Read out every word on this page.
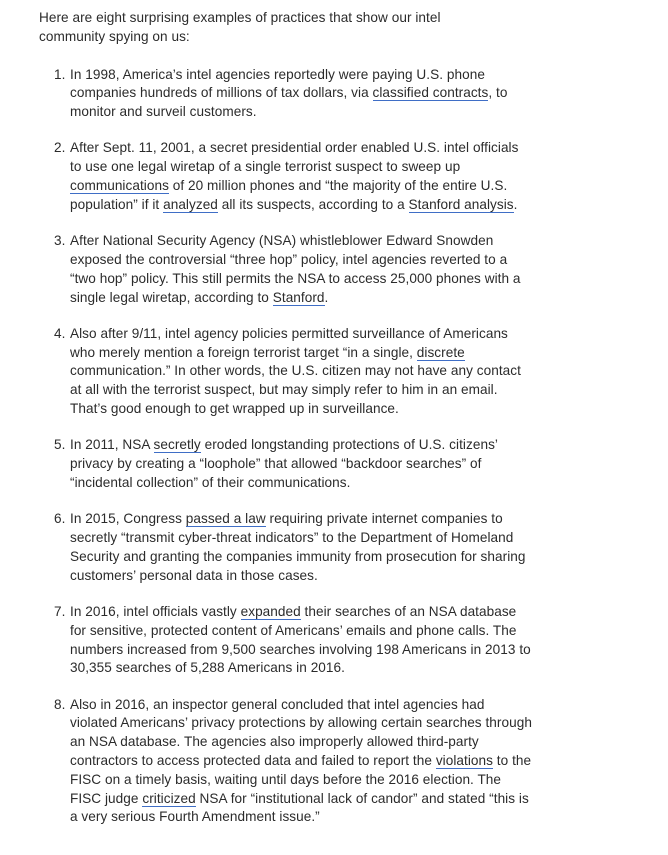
Here are eight surprising examples of practices that show our intel community spying on us:

1. In 1998, America’s intel agencies reportedly were paying U.S. phone companies hundreds of millions of tax dollars, via classified contracts, to monitor and surveil customers.
2. After Sept. 11, 2001, a secret presidential order enabled U.S. intel officials to use one legal wiretap of a single terrorist suspect to sweep up communications of 20 million phones and “the majority of the entire U.S. population” if it analyzed all its suspects, according to a Stanford analysis.
3. After National Security Agency (NSA) whistleblower Edward Snowden exposed the controversial “three hop” policy, intel agencies reverted to a “two hop” policy. This still permits the NSA to access 25,000 phones with a single legal wiretap, according to Stanford.
4. Also after 9/11, intel agency policies permitted surveillance of Americans who merely mention a foreign terrorist target “in a single, discrete communication.” In other words, the U.S. citizen may not have any contact at all with the terrorist suspect, but may simply refer to him in an email. That’s good enough to get wrapped up in surveillance.
5. In 2011, NSA secretly eroded longstanding protections of U.S. citizens’ privacy by creating a “loophole” that allowed “backdoor searches” of “incidental collection” of their communications.
6. In 2015, Congress passed a law requiring private internet companies to secretly “transmit cyber-threat indicators” to the Department of Homeland Security and granting the companies immunity from prosecution for sharing customers’ personal data in those cases.
7. In 2016, intel officials vastly expanded their searches of an NSA database for sensitive, protected content of Americans’ emails and phone calls. The numbers increased from 9,500 searches involving 198 Americans in 2013 to 30,355 searches of 5,288 Americans in 2016.
8. Also in 2016, an inspector general concluded that intel agencies had violated Americans’ privacy protections by allowing certain searches through an NSA database. The agencies also improperly allowed third-party contractors to access protected data and failed to report the violations to the FISC on a timely basis, waiting until days before the 2016 election. The FISC judge criticized NSA for “institutional lack of candor” and stated “this is a very serious Fourth Amendment issue.”
